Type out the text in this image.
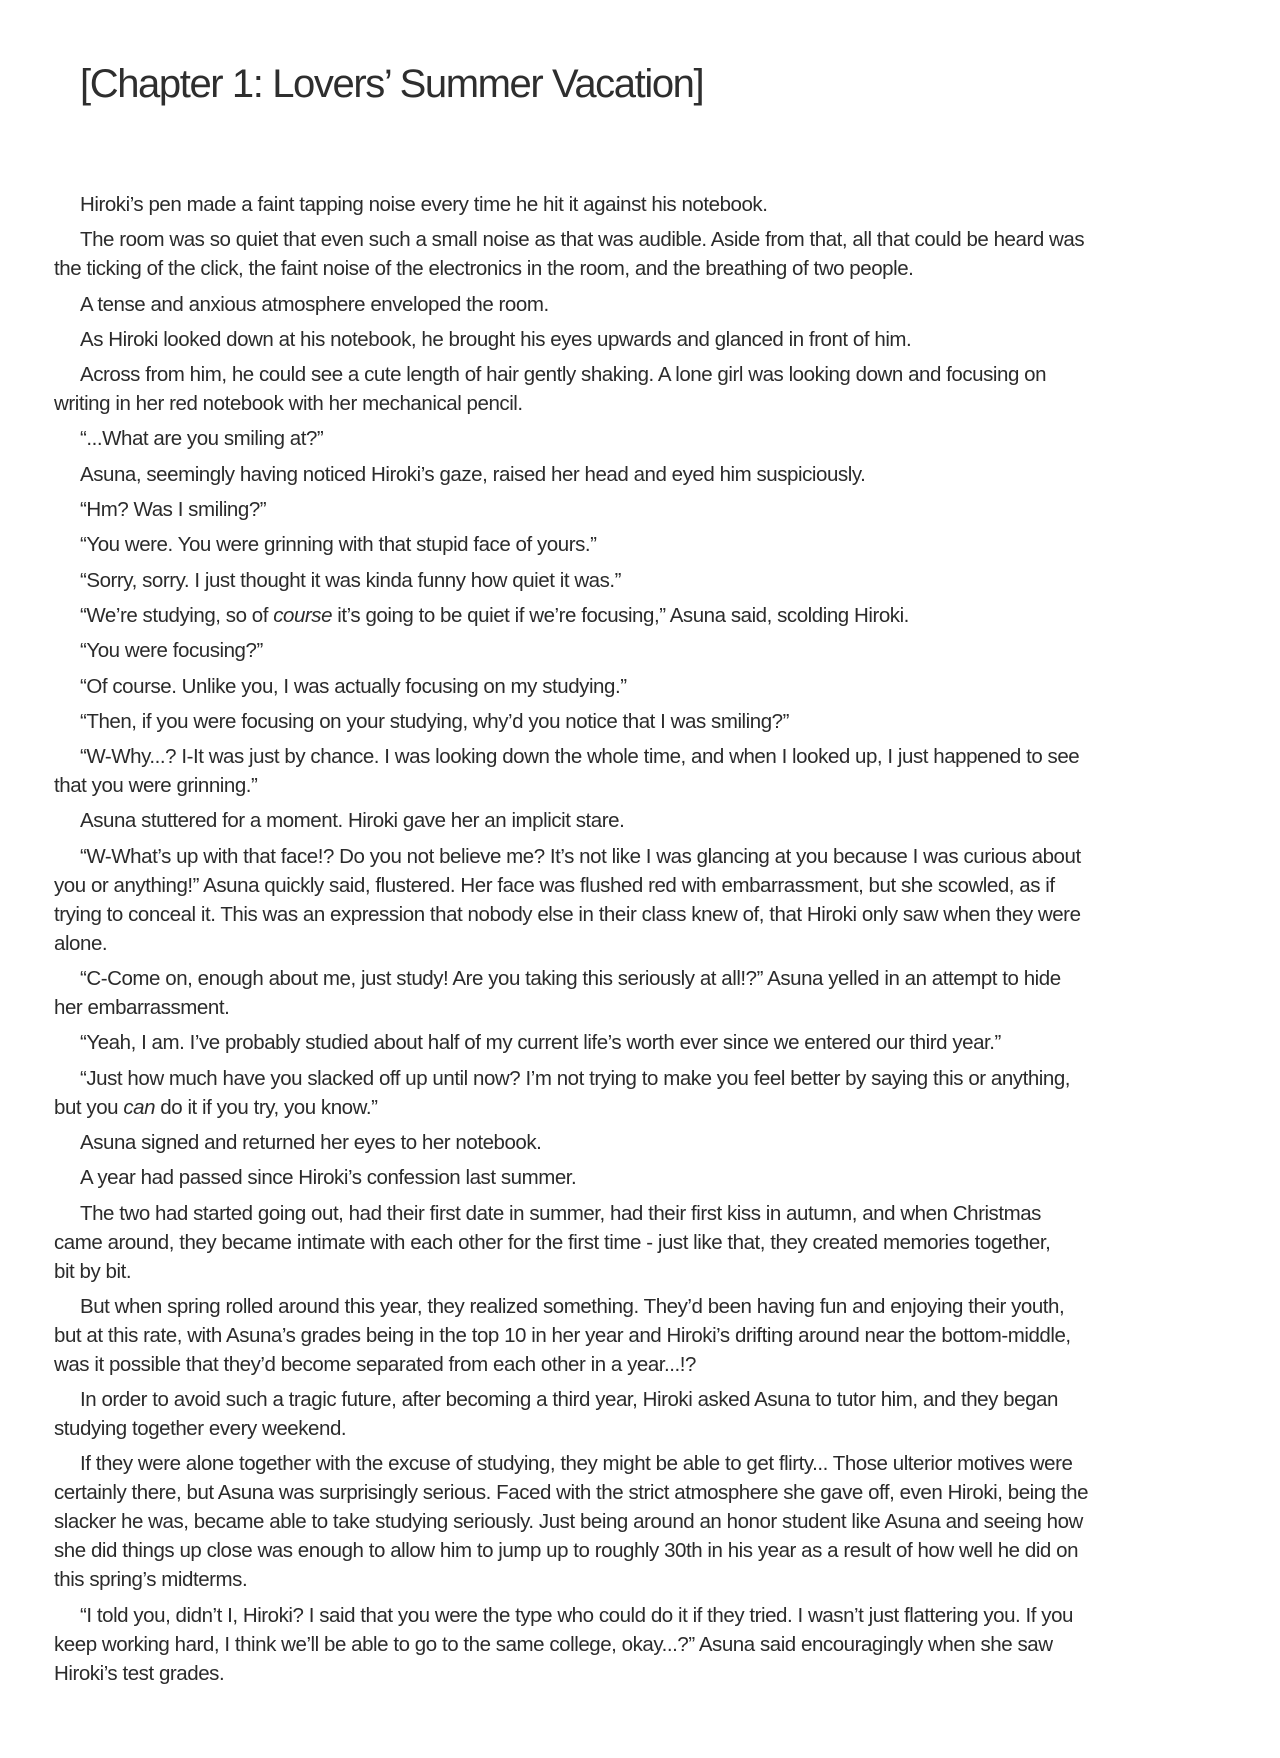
[Chapter 1: Lovers’ Summer Vacation]

Hiroki’s pen made a faint tapping noise every time he hit it against his notebook.

The room was so quiet that even such a small noise as that was audible. Aside from that, all that could be heard was
the ticking of the click, the faint noise of the electronics in the room, and the breathing of two people.

A tense and anxious atmosphere enveloped the room.

As Hiroki looked down at his notebook, he brought his eyes upwards and glanced in front of him.

Across from him, he could see a cute length of hair gently shaking. A lone girl was looking down and focusing on
writing in her red notebook with her mechanical pencil.

“...What are you smiling at?”

Asuna, seemingly having noticed Hiroki’s gaze, raised her head and eyed him suspiciously.

“Hm? Was I smiling?”

“You were. You were grinning with that stupid face of yours.”

“Sorry, sorry. I just thought it was kinda funny how quiet it was.”

“We’re studying, so of course it’s going to be quiet if we’re focusing,” Asuna said, scolding Hiroki.

“You were focusing?”

“Of course. Unlike you, I was actually focusing on my studying.”

“Then, if you were focusing on your studying, why’d you notice that I was smiling?”

“W-Why...? I-It was just by chance. I was looking down the whole time, and when I looked up, I just happened to see
that you were grinning.”

Asuna stuttered for a moment. Hiroki gave her an implicit stare.

“W-What’s up with that face!? Do you not believe me? It’s not like I was glancing at you because I was curious about
you or anything!” Asuna quickly said, flustered. Her face was flushed red with embarrassment, but she scowled, as if
trying to conceal it. This was an expression that nobody else in their class knew of, that Hiroki only saw when they were
alone.

“C-Come on, enough about me, just study! Are you taking this seriously at all!?” Asuna yelled in an attempt to hide
her embarrassment.

“Yeah, I am. I’ve probably studied about half of my current life’s worth ever since we entered our third year.”

“Just how much have you slacked off up until now? I’m not trying to make you feel better by saying this or anything,
but you can do it if you try, you know.”

Asuna signed and returned her eyes to her notebook.

A year had passed since Hiroki’s confession last summer.

The two had started going out, had their first date in summer, had their first kiss in autumn, and when Christmas
came around, they became intimate with each other for the first time - just like that, they created memories together,
bit by bit.

But when spring rolled around this year, they realized something. They’d been having fun and enjoying their youth,
but at this rate, with Asuna’s grades being in the top 10 in her year and Hiroki’s drifting around near the bottom-middle,
was it possible that they’d become separated from each other in a year...!?

In order to avoid such a tragic future, after becoming a third year, Hiroki asked Asuna to tutor him, and they began
studying together every weekend.

If they were alone together with the excuse of studying, they might be able to get flirty... Those ulterior motives were
certainly there, but Asuna was surprisingly serious. Faced with the strict atmosphere she gave off, even Hiroki, being the
slacker he was, became able to take studying seriously. Just being around an honor student like Asuna and seeing how
she did things up close was enough to allow him to jump up to roughly 30th in his year as a result of how well he did on
this spring’s midterms.

“I told you, didn’t I, Hiroki? I said that you were the type who could do it if they tried. I wasn’t just flattering you. If you
keep working hard, I think we’ll be able to go to the same college, okay...?” Asuna said encouragingly when she saw
Hiroki’s test grades.
